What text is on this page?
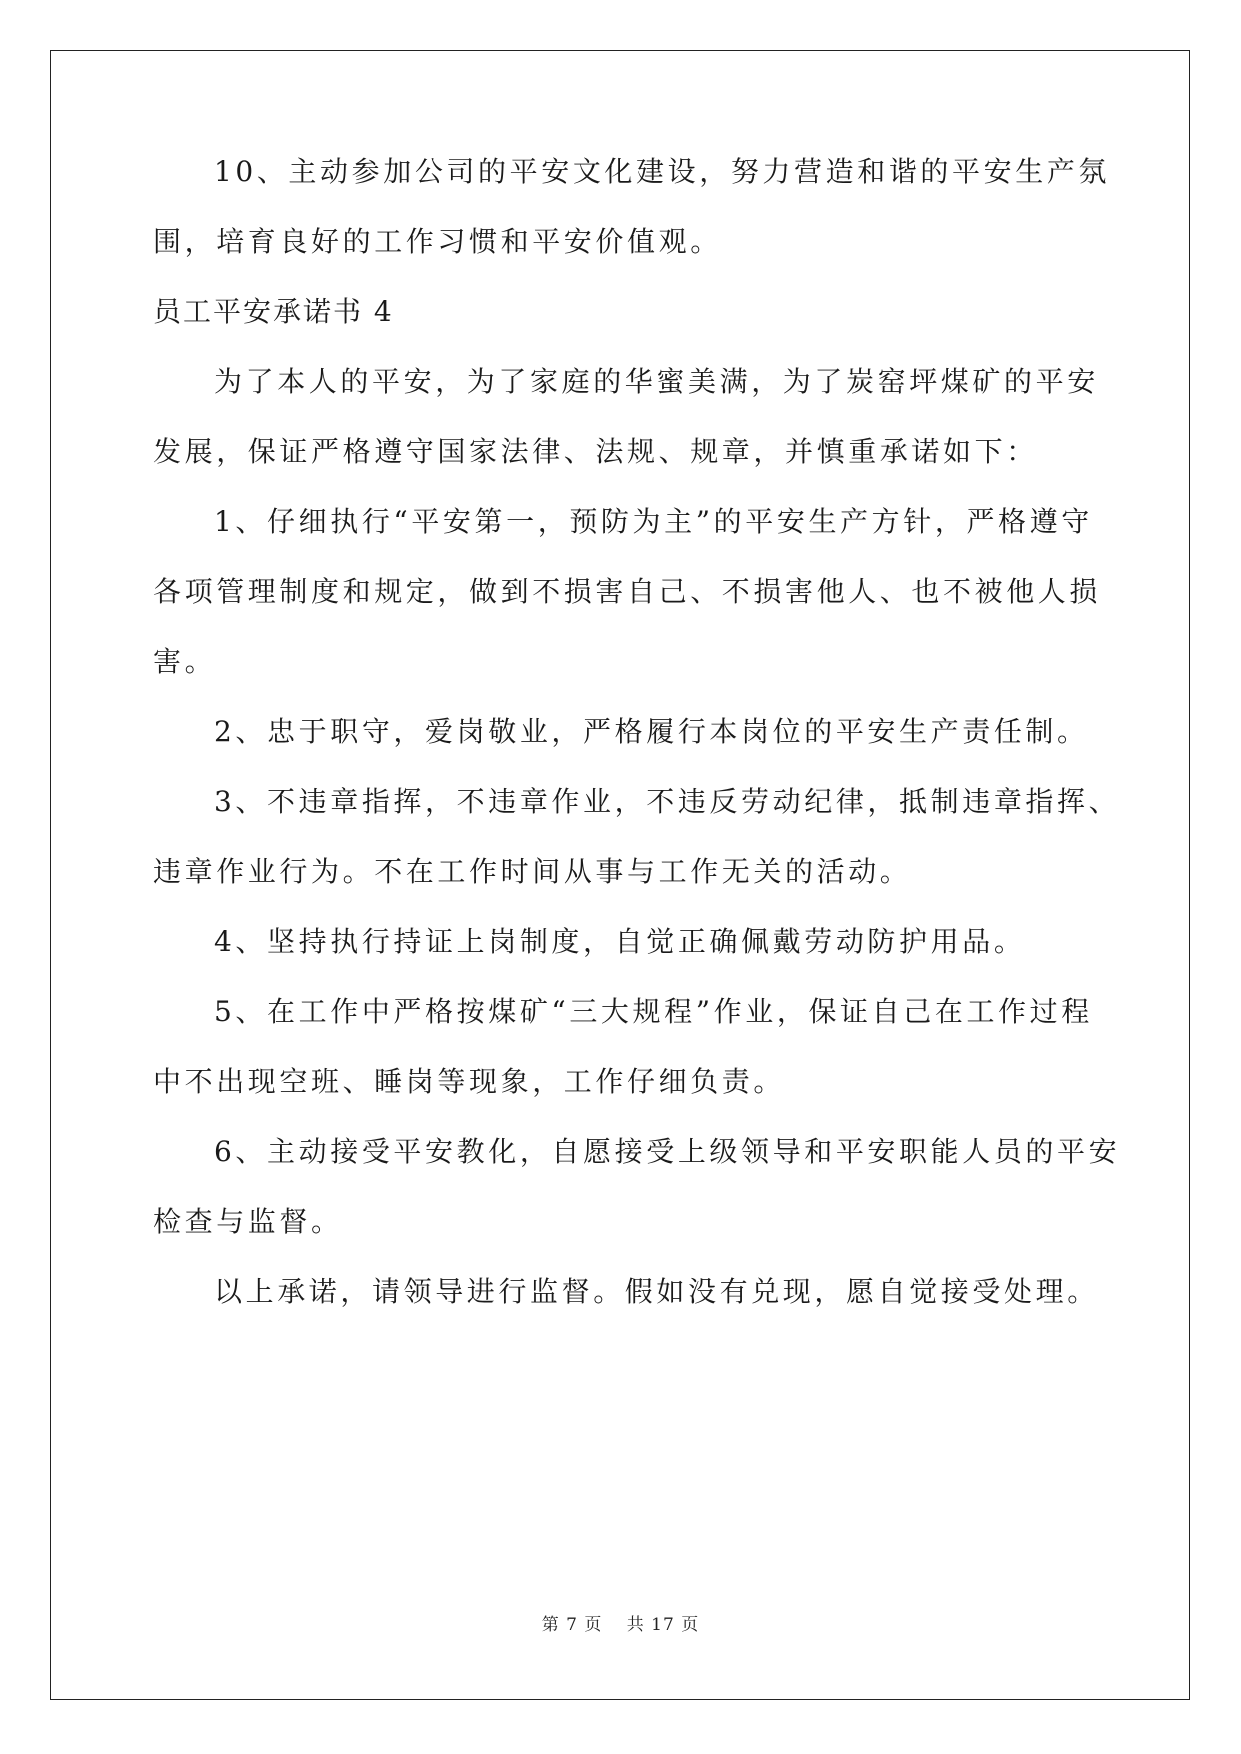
10、主动参加公司的平安文化建设，努力营造和谐的平安生产氛
围，培育良好的工作习惯和平安价值观。
员工平安承诺书 4
为了本人的平安，为了家庭的华蜜美满，为了炭窑坪煤矿的平安
发展，保证严格遵守国家法律、法规、规章，并慎重承诺如下：
1、仔细执行“平安第一，预防为主”的平安生产方针，严格遵守
各项管理制度和规定，做到不损害自己、不损害他人、也不被他人损
害。
2、忠于职守，爱岗敬业，严格履行本岗位的平安生产责任制。
3、不违章指挥，不违章作业，不违反劳动纪律，抵制违章指挥、
违章作业行为。不在工作时间从事与工作无关的活动。
4、坚持执行持证上岗制度，自觉正确佩戴劳动防护用品。
5、在工作中严格按煤矿“三大规程”作业，保证自己在工作过程
中不出现空班、睡岗等现象，工作仔细负责。
6、主动接受平安教化，自愿接受上级领导和平安职能人员的平安
检查与监督。
以上承诺，请领导进行监督。假如没有兑现，愿自觉接受处理。
第 7 页 共 17 页
